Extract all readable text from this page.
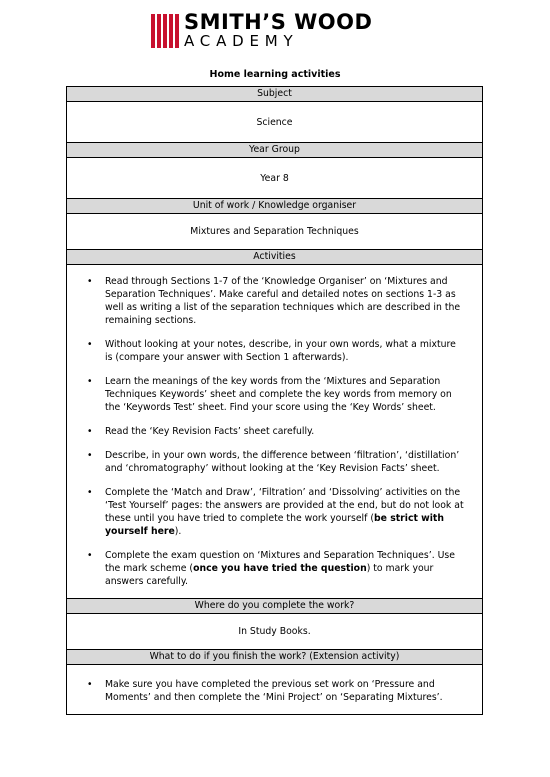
SMITH’S WOOD
ACADEMY
Home learning activities
Subject
Science
Year Group
Year 8
Unit of work / Knowledge organiser
Mixtures and Separation Techniques
Activities

• Read through Sections 1-7 of the ‘Knowledge Organiser’ on ‘Mixtures and Separation Techniques’. Make careful and detailed notes on sections 1-3 as well as writing a list of the separation techniques which are described in the remaining sections.
• Without looking at your notes, describe, in your own words, what a mixture is (compare your answer with Section 1 afterwards).
• Learn the meanings of the key words from the ‘Mixtures and Separation Techniques Keywords’ sheet and complete the key words from memory on the ‘Keywords Test’ sheet. Find your score using the ‘Key Words’ sheet.
• Read the ‘Key Revision Facts’ sheet carefully.
• Describe, in your own words, the difference between ‘filtration’, ‘distillation’ and ‘chromatography’ without looking at the ‘Key Revision Facts’ sheet.
• Complete the ‘Match and Draw’, ‘Filtration’ and ‘Dissolving’ activities on the ‘Test Yourself’ pages: the answers are provided at the end, but do not look at these until you have tried to complete the work yourself (be strict with yourself here).
• Complete the exam question on ‘Mixtures and Separation Techniques’. Use the mark scheme (once you have tried the question) to mark your answers carefully.

Where do you complete the work?
In Study Books.
What to do if you finish the work? (Extension activity)

• Make sure you have completed the previous set work on ‘Pressure and Moments’ and then complete the ‘Mini Project’ on ‘Separating Mixtures’.
